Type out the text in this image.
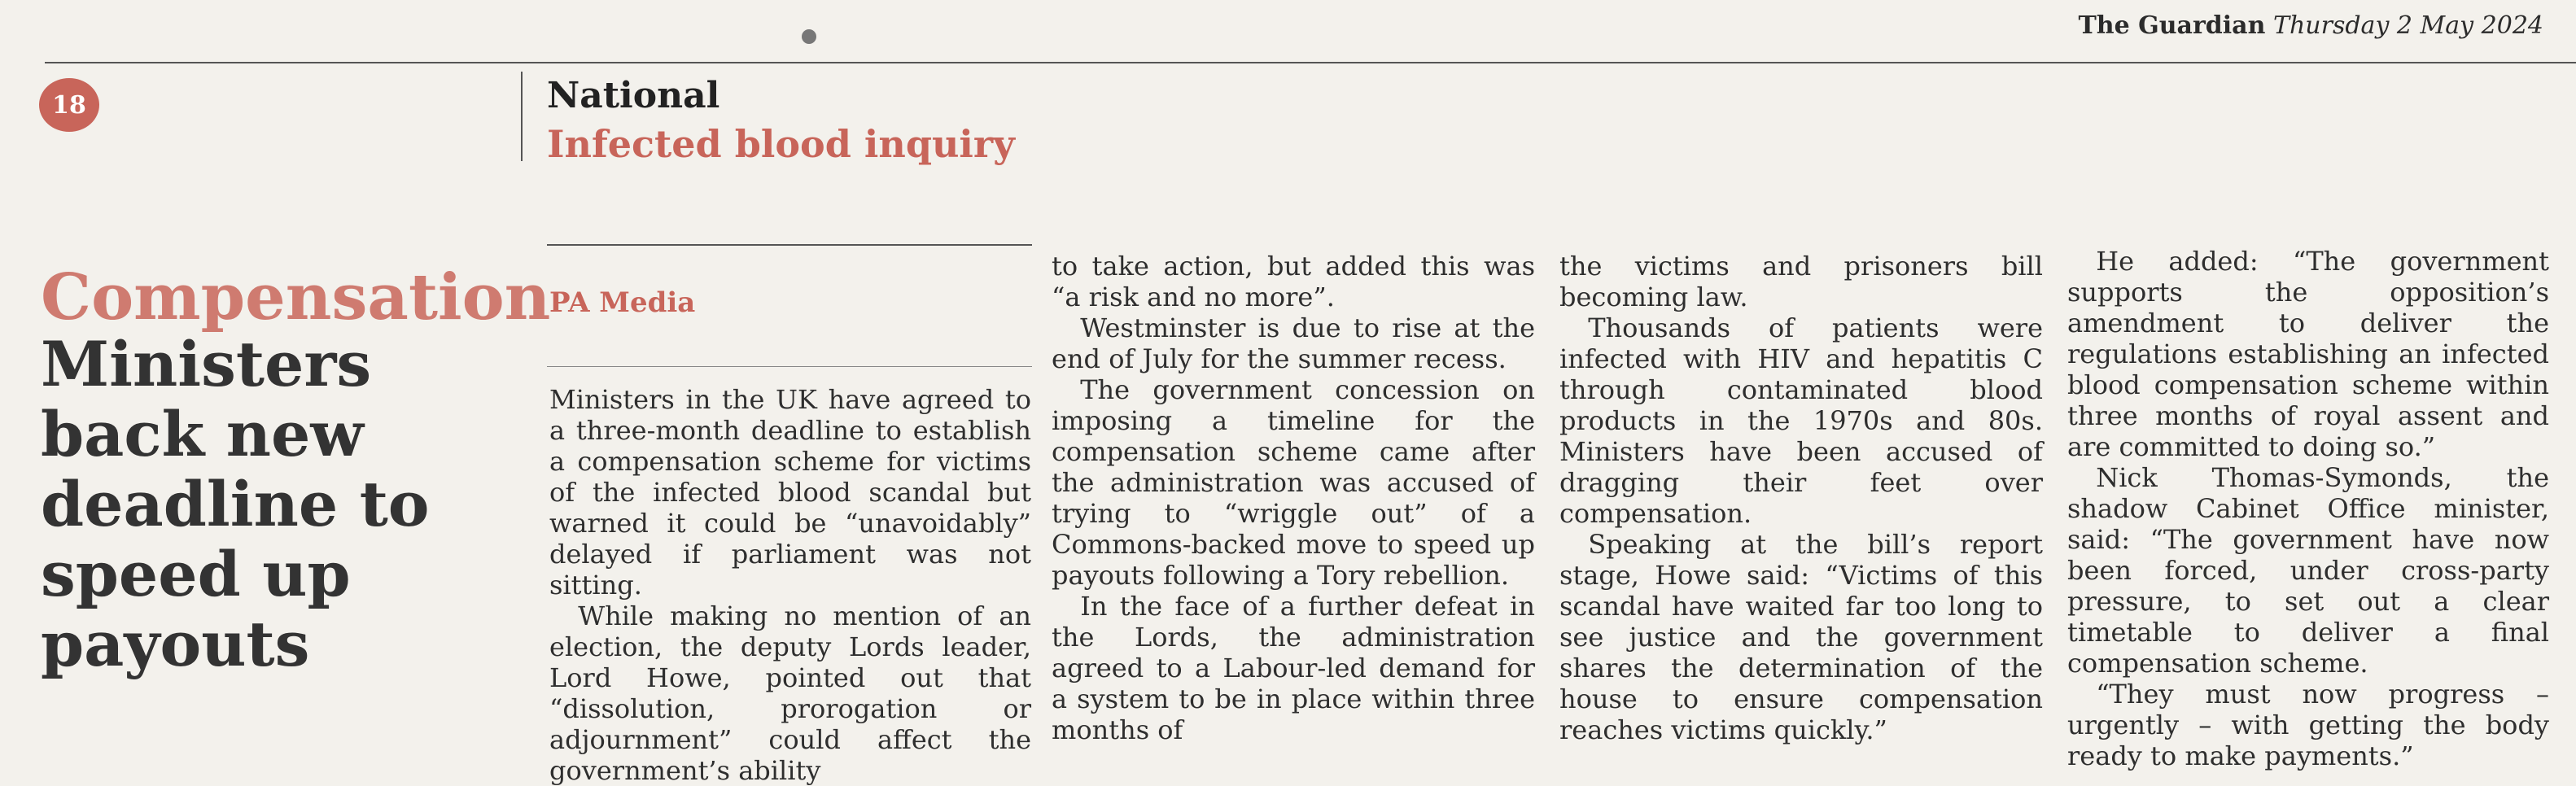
The Guardian Thursday 2 May 2024
18	National
Infected blood inquiry
Compensation
Ministers back new deadline to speed up payouts
PA Media

Ministers in the UK have agreed to a three-month deadline to establish a compensation scheme for victims of the infected blood scandal but warned it could be “unavoidably” delayed if parliament was not sitting.

While making no mention of an election, the deputy Lords leader, Lord Howe, pointed out that “dissolution, prorogation or adjournment” could affect the government’s ability

to take action, but added this was “a risk and no more”.

Westminster is due to rise at the end of July for the summer recess.

The government concession on imposing a timeline for the compensation scheme came after the administration was accused of trying to “wriggle out” of a Commons-backed move to speed up payouts following a Tory rebellion.

In the face of a further defeat in the Lords, the administration agreed to a Labour-led demand for a system to be in place within three months of

the victims and prisoners bill becoming law.

Thousands of patients were infected with HIV and hepatitis C through contaminated blood products in the 1970s and 80s. Ministers have been accused of dragging their feet over compensation.

Speaking at the bill’s report stage, Howe said: “Victims of this scandal have waited far too long to see justice and the government shares the determination of the house to ensure compensation reaches victims quickly.”

He added: “The government supports the opposition’s amendment to deliver the regulations establishing an infected blood compensation scheme within three months of royal assent and are committed to doing so.”

Nick Thomas-Symonds, the shadow Cabinet Office minister, said: “The government have now been forced, under cross-party pressure, to set out a clear timetable to deliver a final compensation scheme.

“They must now progress – urgently – with getting the body ready to make payments.”
